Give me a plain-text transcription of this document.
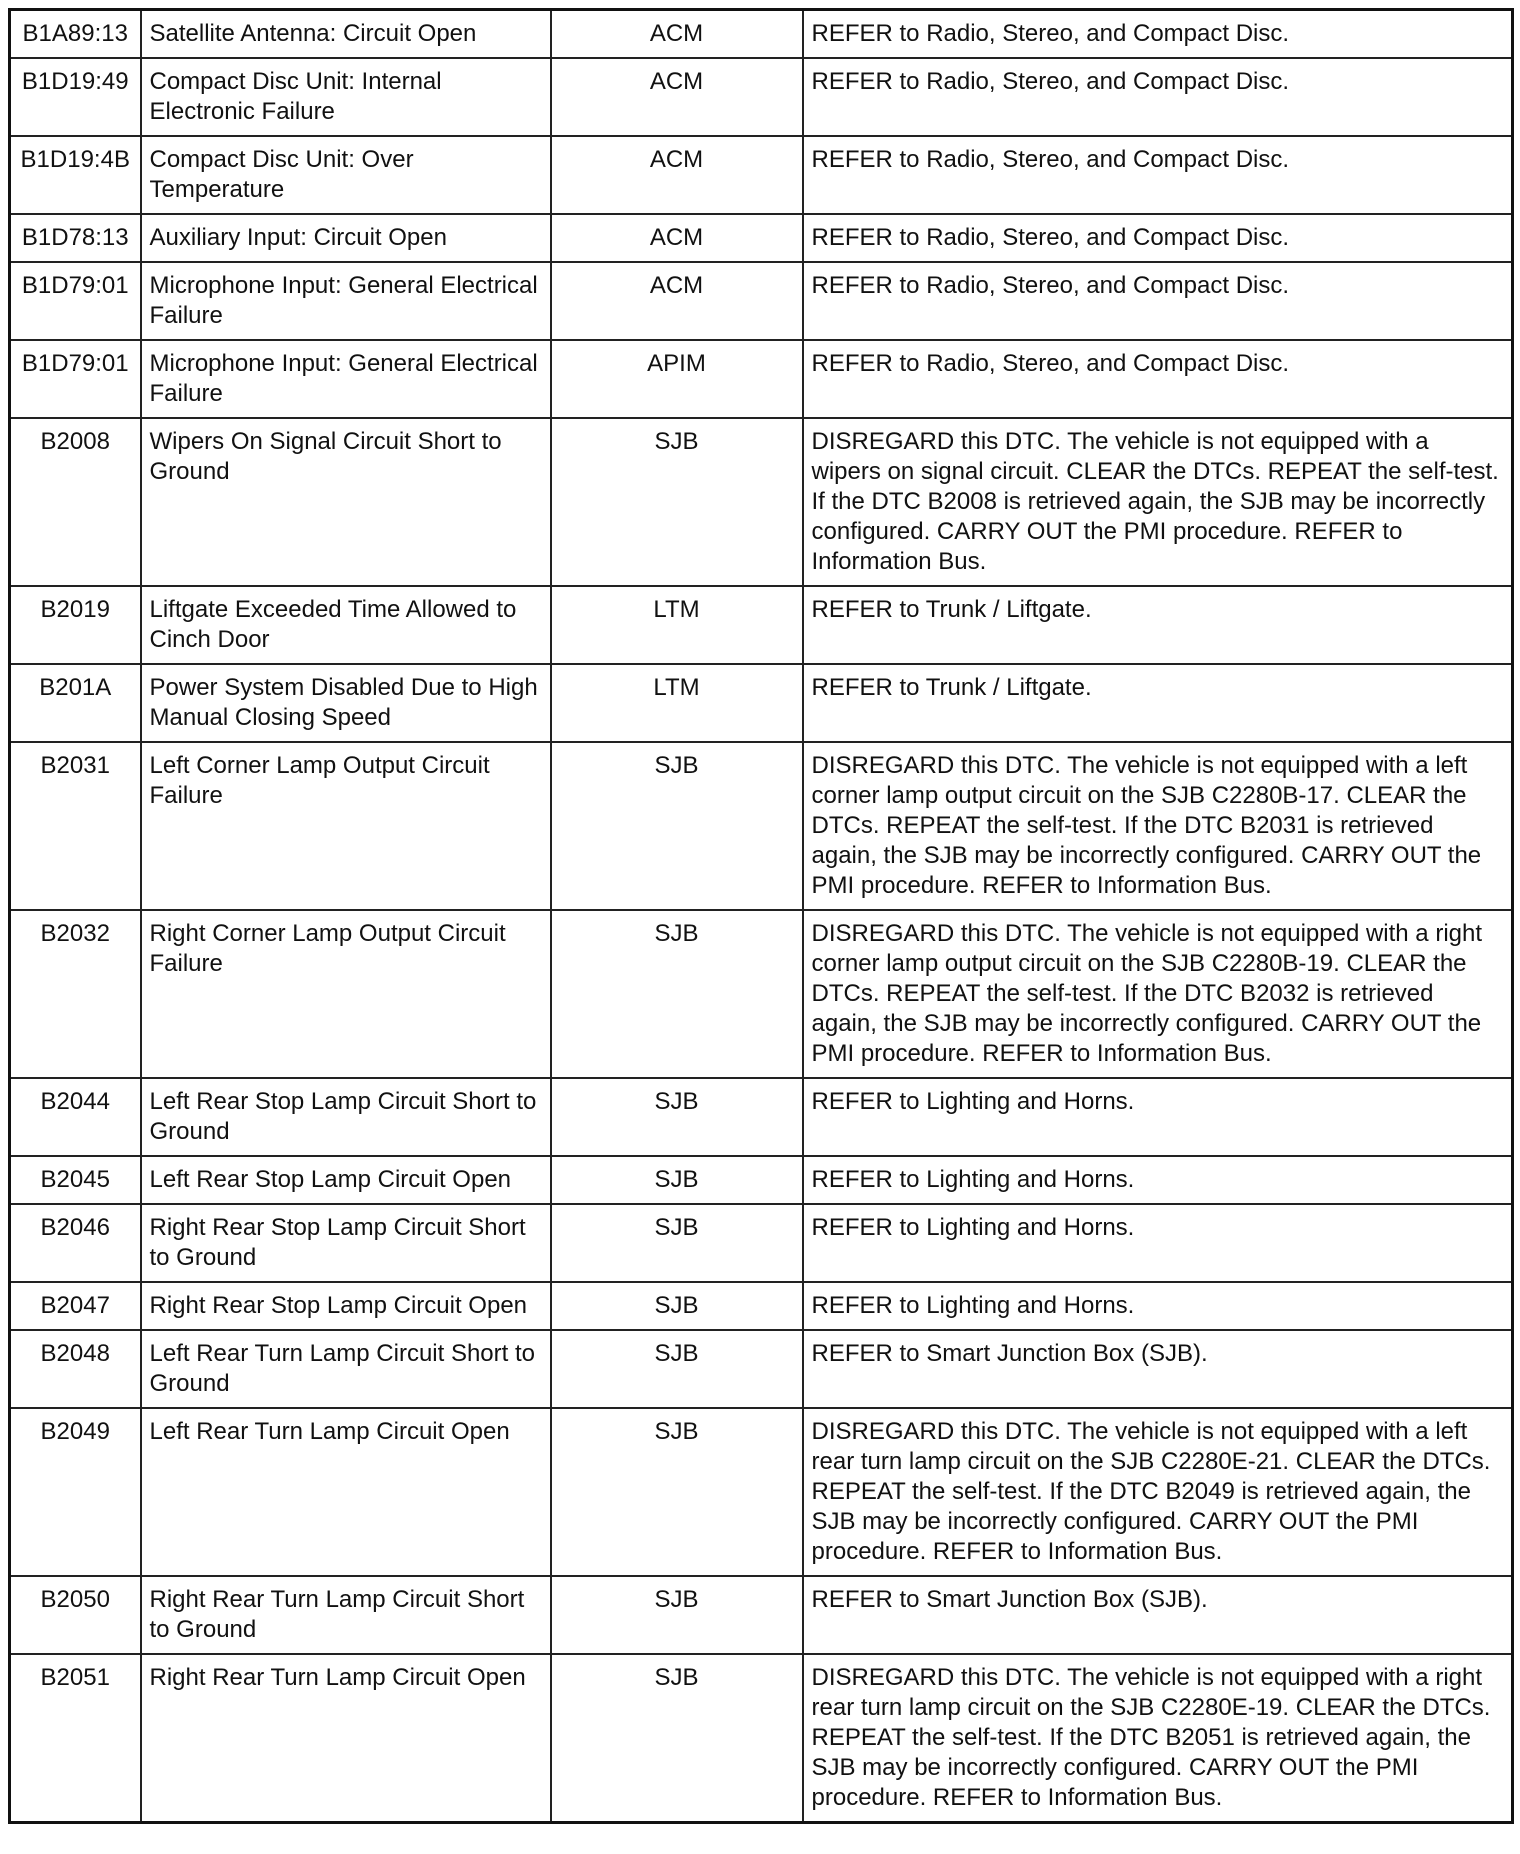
B1A89:13	Satellite Antenna: Circuit Open	ACM	REFER to Radio, Stereo, and Compact Disc.
B1D19:49	Compact Disc Unit: Internal Electronic Failure	ACM	REFER to Radio, Stereo, and Compact Disc.
B1D19:4B	Compact Disc Unit: Over Temperature	ACM	REFER to Radio, Stereo, and Compact Disc.
B1D78:13	Auxiliary Input: Circuit Open	ACM	REFER to Radio, Stereo, and Compact Disc.
B1D79:01	Microphone Input: General Electrical Failure	ACM	REFER to Radio, Stereo, and Compact Disc.
B1D79:01	Microphone Input: General Electrical Failure	APIM	REFER to Radio, Stereo, and Compact Disc.
B2008	Wipers On Signal Circuit Short to Ground	SJB	DISREGARD this DTC. The vehicle is not equipped with a wipers on signal circuit. CLEAR the DTCs. REPEAT the self-test. If the DTC B2008 is retrieved again, the SJB may be incorrectly configured. CARRY OUT the PMI procedure. REFER to Information Bus.
B2019	Liftgate Exceeded Time Allowed to Cinch Door	LTM	REFER to Trunk / Liftgate.
B201A	Power System Disabled Due to High Manual Closing Speed	LTM	REFER to Trunk / Liftgate.
B2031	Left Corner Lamp Output Circuit Failure	SJB	DISREGARD this DTC. The vehicle is not equipped with a left corner lamp output circuit on the SJB C2280B-17. CLEAR the DTCs. REPEAT the self-test. If the DTC B2031 is retrieved again, the SJB may be incorrectly configured. CARRY OUT the PMI procedure. REFER to Information Bus.
B2032	Right Corner Lamp Output Circuit Failure	SJB	DISREGARD this DTC. The vehicle is not equipped with a right corner lamp output circuit on the SJB C2280B-19. CLEAR the DTCs. REPEAT the self-test. If the DTC B2032 is retrieved again, the SJB may be incorrectly configured. CARRY OUT the PMI procedure. REFER to Information Bus.
B2044	Left Rear Stop Lamp Circuit Short to Ground	SJB	REFER to Lighting and Horns.
B2045	Left Rear Stop Lamp Circuit Open	SJB	REFER to Lighting and Horns.
B2046	Right Rear Stop Lamp Circuit Short to Ground	SJB	REFER to Lighting and Horns.
B2047	Right Rear Stop Lamp Circuit Open	SJB	REFER to Lighting and Horns.
B2048	Left Rear Turn Lamp Circuit Short to Ground	SJB	REFER to Smart Junction Box (SJB).
B2049	Left Rear Turn Lamp Circuit Open	SJB	DISREGARD this DTC. The vehicle is not equipped with a left rear turn lamp circuit on the SJB C2280E-21. CLEAR the DTCs. REPEAT the self-test. If the DTC B2049 is retrieved again, the SJB may be incorrectly configured. CARRY OUT the PMI procedure. REFER to Information Bus.
B2050	Right Rear Turn Lamp Circuit Short to Ground	SJB	REFER to Smart Junction Box (SJB).
B2051	Right Rear Turn Lamp Circuit Open	SJB	DISREGARD this DTC. The vehicle is not equipped with a right rear turn lamp circuit on the SJB C2280E-19. CLEAR the DTCs. REPEAT the self-test. If the DTC B2051 is retrieved again, the SJB may be incorrectly configured. CARRY OUT the PMI procedure. REFER to Information Bus.
